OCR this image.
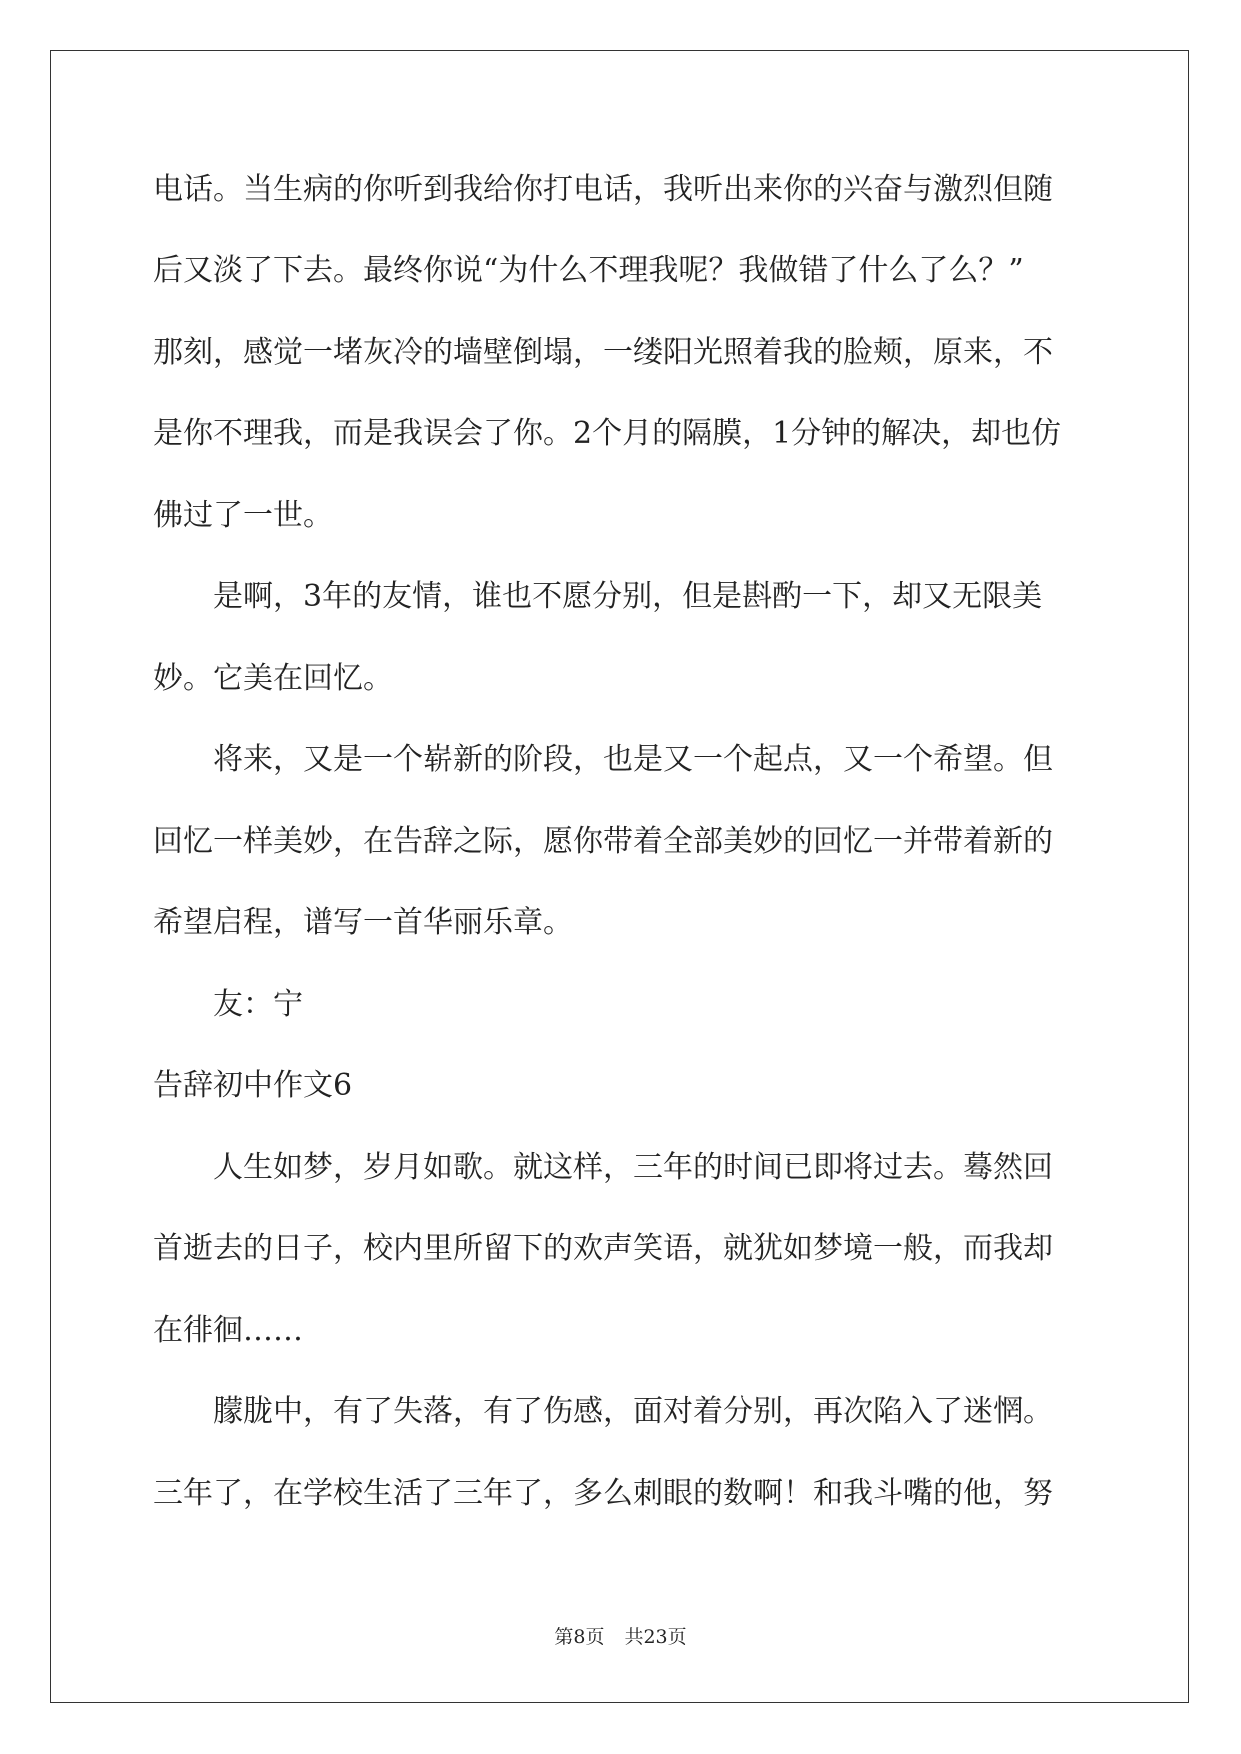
电话。当生病的你听到我给你打电话，我听出来你的兴奋与激烈但随

后又淡了下去。最终你说“为什么不理我呢？我做错了什么了么？”

那刻，感觉一堵灰冷的墙壁倒塌，一缕阳光照着我的脸颊，原来，不

是你不理我，而是我误会了你。2个月的隔膜，1分钟的解决，却也仿

佛过了一世。

　　是啊，3年的友情，谁也不愿分别，但是斟酌一下，却又无限美

妙。它美在回忆。

　　将来，又是一个崭新的阶段，也是又一个起点，又一个希望。但

回忆一样美妙，在告辞之际，愿你带着全部美妙的回忆一并带着新的

希望启程，谱写一首华丽乐章。

　　友：宁

告辞初中作文6

　　人生如梦，岁月如歌。就这样，三年的时间已即将过去。蓦然回

首逝去的日子，校内里所留下的欢声笑语，就犹如梦境一般，而我却

在徘徊……

　　朦胧中，有了失落，有了伤感，面对着分别，再次陷入了迷惘。

三年了，在学校生活了三年了，多么刺眼的数啊！和我斗嘴的他，努

第8页 共23页
